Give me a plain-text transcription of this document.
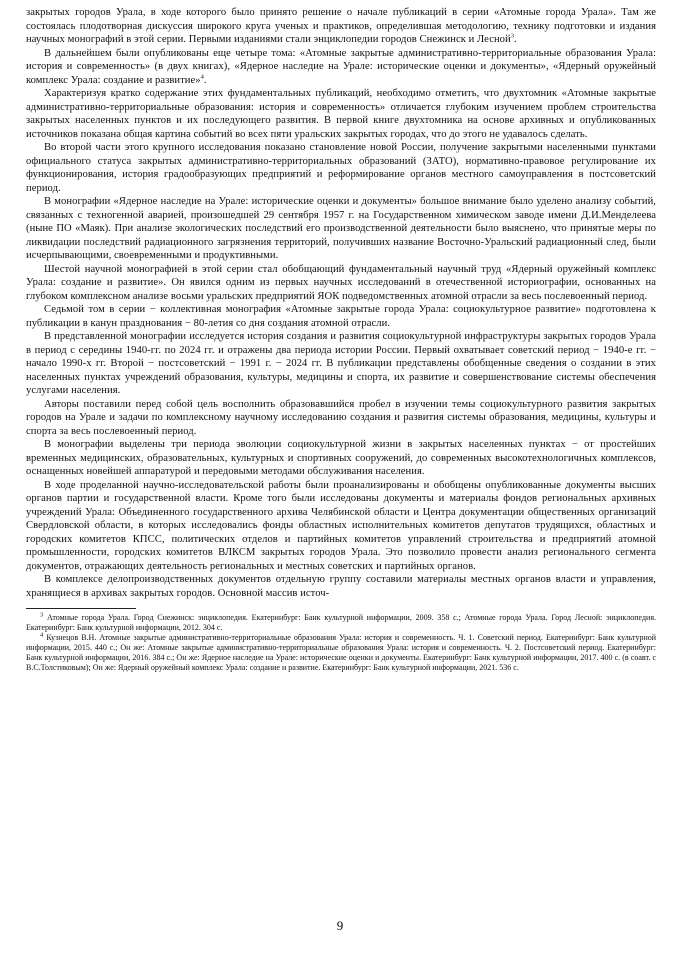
закрытых городов Урала, в ходе которого было принято решение о начале публикаций в серии «Атомные города Урала». Там же состоялась плодотворная дискуссия широкого круга ученых и практиков, определившая методологию, технику подготовки и издания научных монографий в этой серии. Первыми изданиями стали энциклопедии городов Снежинск и Лесной$^3$.

В дальнейшем были опубликованы еще четыре тома: «Атомные закрытые административно-территориальные образования Урала: история и современность» (в двух книгах), «Ядерное наследие на Урале: исторические оценки и документы», «Ядерный оружейный комплекс Урала: создание и развитие»$^4$.

Характеризуя кратко содержание этих фундаментальных публикаций, необходимо отметить, что двухтомник «Атомные закрытые административно-территориальные образования: история и современность» отличается глубоким изучением проблем строительства закрытых населенных пунктов и их последующего развития. В первой книге двухтомника на основе архивных и опубликованных источников показана общая картина событий во всех пяти уральских закрытых городах, что до этого не удавалось сделать.

Во второй части этого крупного исследования показано становление новой России, получение закрытыми населенными пунктами официального статуса закрытых административно-территориальных образований (ЗАТО), нормативно-правовое регулирование их функционирования, история градообразующих предприятий и реформирование органов местного самоуправления в постсоветский период.

В монографии «Ядерное наследие на Урале: исторические оценки и документы» большое внимание было уделено анализу событий, связанных с техногенной аварией, произошедшей 29 сентября 1957 г. на Государственном химическом заводе имени Д.И.Менделеева (ныне ПО «Маяк). При анализе экологических последствий его производственной деятельности было выяснено, что принятые меры по ликвидации последствий радиационного загрязнения территорий, получивших название Восточно-Уральский радиационный след, были исчерпывающими, своевременными и продуктивными.

Шестой научной монографией в этой серии стал обобщающий фундаментальный научный труд «Ядерный оружейный комплекс Урала: создание и развитие». Он явился одним из первых научных исследований в отечественной историографии, основанных на глубоком комплексном анализе восьми уральских предприятий ЯОК подведомственных атомной отрасли за весь послевоенный период.

Седьмой том в серии − коллективная монография «Атомные закрытые города Урала: социокультурное развитие» подготовлена к публикации в канун празднования − 80-летия со дня создания атомной отрасли.

В представленной монографии исследуется история создания и развития социокультурной инфраструктуры закрытых городов Урала в период с середины 1940-гг. по 2024 гг. и отражены два периода истории России. Первый охватывает советский период − 1940-е гг. − начало 1990-х гг. Второй − постсоветский − 1991 г. − 2024 гг. В публикации представлены обобщенные сведения о создании в этих населенных пунктах учреждений образования, культуры, медицины и спорта, их развитие и совершенствование системы обеспечения услугами населения.

Авторы поставили перед собой цель восполнить образовавшийся пробел в изучении темы социокультурного развития закрытых городов на Урале и задачи по комплексному научному исследованию создания и развития системы образования, медицины, культуры и спорта за весь послевоенный период.

В монографии выделены три периода эволюции социокультурной жизни в закрытых населенных пунктах − от простейших временных медицинских, образовательных, культурных и спортивных сооружений, до современных высокотехнологичных комплексов, оснащенных новейшей аппаратурой и передовыми методами обслуживания населения.

В ходе проделанной научно-исследовательской работы были проанализированы и обобщены опубликованные документы высших органов партии и государственной власти. Кроме того были исследованы документы и материалы фондов региональных архивных учреждений Урала: Объединенного государственного архива Челябинской области и Центра документации общественных организаций Свердловской области, в которых исследовались фонды областных исполнительных комитетов депутатов трудящихся, областных и городских комитетов КПСС, политических отделов и партийных комитетов управлений строительства и предприятий атомной промышленности, городских комитетов ВЛКСМ закрытых городов Урала. Это позволило провести анализ регионального сегмента документов, отражающих деятельность региональных и местных советских и партийных органов.

В комплексе делопроизводственных документов отдельную группу составили материалы местных органов власти и управления, хранящиеся в архивах закрытых городов. Основной массив источ-

$^3$ Атомные города Урала. Город Снежинск: энциклопедия. Екатеринбург: Банк культурной информации, 2009. 358 с.; Атомные города Урала. Город Лесной: энциклопедия. Екатеринбург: Банк культурной информации, 2012. 304 с.

$^4$ Кузнецов В.Н. Атомные закрытые административно-территориальные образования Урала: история и современность. Ч. 1. Советский период. Екатеринбург: Банк культурной информации, 2015. 440 с.; Он же: Атомные закрытые административно-территориальные образования Урала: история и современность. Ч. 2. Постсоветский период. Екатеринбург: Банк культурной информации, 2016. 384 с.; Он же: Ядерное наследие на Урале: исторические оценки и документы. Екатеринбург: Банк культурной информации, 2017. 400 с. (в соавт. с В.С.Толстиковым); Он же: Ядерный оружейный комплекс Урала: создание и развитие. Екатеринбург: Банк культурной информации, 2021. 536 с.

9
